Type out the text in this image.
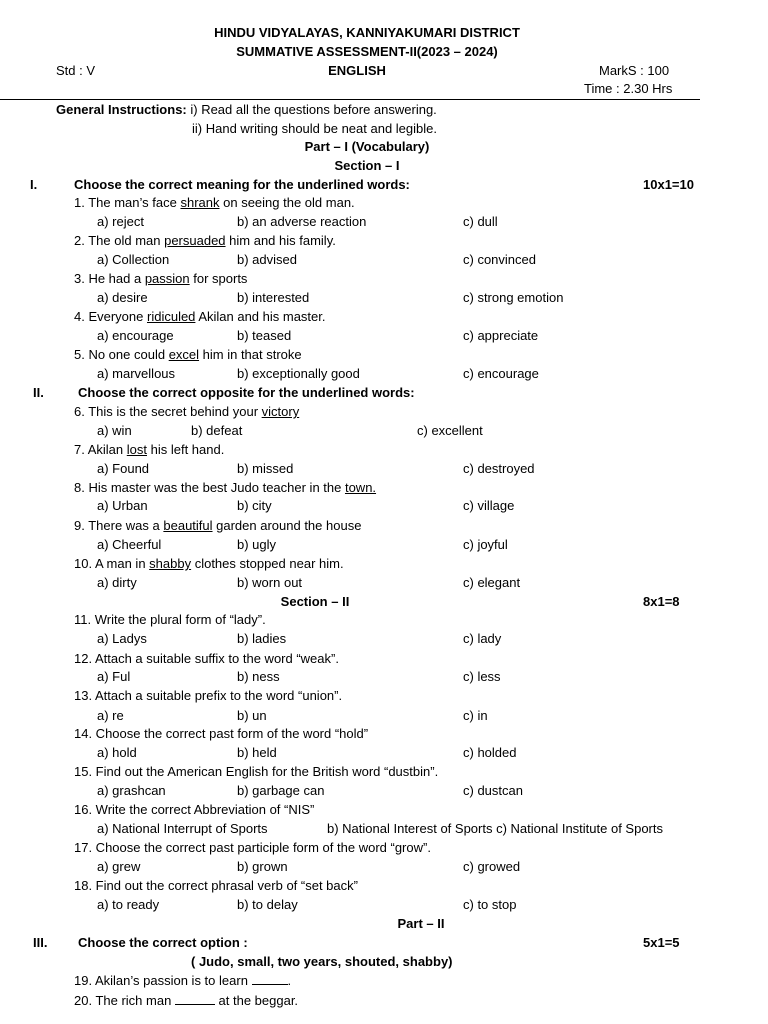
HINDU VIDYALAYAS, KANNIYAKUMARI DISTRICT
SUMMATIVE ASSESSMENT-II(2023 – 2024)
Std : V	ENGLISH	MarkS : 100
Time : 2.30 Hrs
General Instructions: i) Read all the questions before answering.
ii) Hand writing should be neat and legible.
Part – I (Vocabulary)
Section – I
I.	Choose the correct meaning for the underlined words:	10x1=10
1. The man’s face shrank on seeing the old man.
a) reject	b) an adverse reaction	c) dull
2. The old man persuaded him and his family.
a) Collection	b) advised	c) convinced
3. He had a passion for sports
a) desire	b) interested	c) strong emotion
4. Everyone ridiculed Akilan and his master.
a) encourage	b) teased	c) appreciate
5. No one could excel him in that stroke
a) marvellous	b) exceptionally good	c) encourage
II.	Choose the correct opposite for the underlined words:
6. This is the secret behind your victory
a) win	b) defeat	c) excellent
7. Akilan lost his left hand.
a) Found	b) missed	c) destroyed
8. His master was the best Judo teacher in the town.
a) Urban	b) city	c) village
9. There was a beautiful garden around the house
a) Cheerful	b) ugly	c) joyful
10. A man in shabby clothes stopped near him.
a) dirty	b) worn out	c) elegant
Section – II	8x1=8
11. Write the plural form of “lady”.
a) Ladys	b) ladies	c) lady
12. Attach a suitable suffix to the word “weak”.
a) Ful	b) ness	c) less
13. Attach a suitable prefix to the word “union”.
a) re	b) un	c) in
14. Choose the correct past form of the word “hold”
a) hold	b) held	c) holded
15. Find out the American English for the British word “dustbin”.
a) grashcan	b) garbage can	c) dustcan
16. Write the correct Abbreviation of “NIS”
a) National Interrupt of Sports	b) National Interest of Sports c) National Institute of Sports
17. Choose the correct past participle form of the word “grow”.
a) grew	b) grown	c) growed
18. Find out the correct phrasal verb of “set back”
a) to ready	b) to delay	c) to stop
Part – II
III. Choose the correct option :	5x1=5
( Judo, small, two years, shouted, shabby)
19. Akilan’s passion is to learn	.
20. The rich man	at the beggar.
